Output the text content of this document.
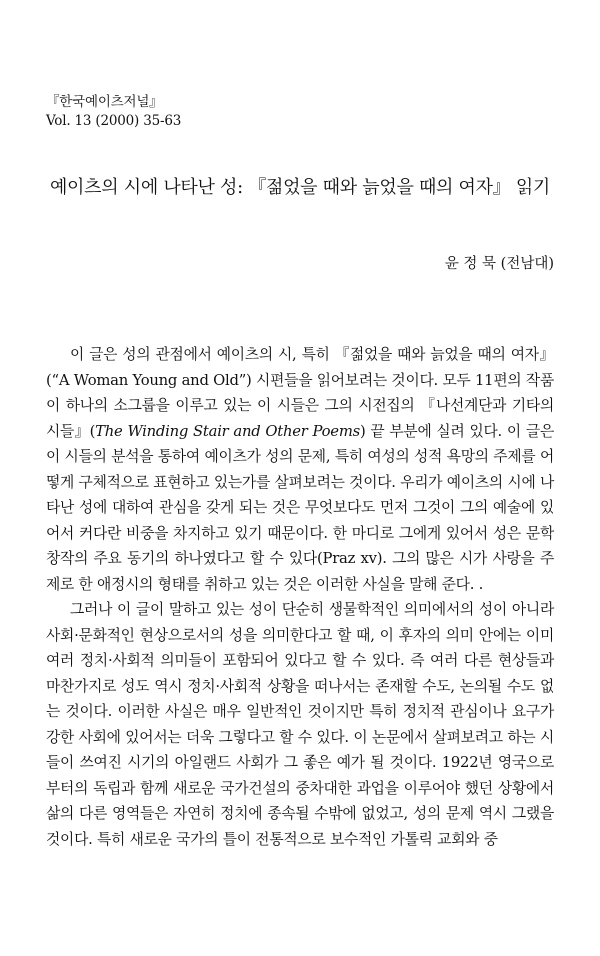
『한국예이츠저널』
Vol. 13 (2000) 35-63
예이츠의 시에 나타난 성: 『젊었을 때와 늙었을 때의 여자』 읽기
윤 정 묵 (전남대)

이 글은 성의 관점에서 예이츠의 시, 특히 『젊었을 때와 늙었을 때의 여자』(“A Woman Young and Old”) 시편들을 읽어보려는 것이다. 모두 11편의 작품이 하나의 소그룹을 이루고 있는 이 시들은 그의 시전집의 『나선계단과 기타의 시들』(The Winding Stair and Other Poems) 끝 부분에 실려 있다. 이 글은 이 시들의 분석을 통하여 예이츠가 성의 문제, 특히 여성의 성적 욕망의 주제를 어떻게 구체적으로 표현하고 있는가를 살펴보려는 것이다. 우리가 예이츠의 시에 나타난 성에 대하여 관심을 갖게 되는 것은 무엇보다도 먼저 그것이 그의 예술에 있어서 커다란 비중을 차지하고 있기 때문이다. 한 마디로 그에게 있어서 성은 문학창작의 주요 동기의 하나였다고 할 수 있다(Praz xv). 그의 많은 시가 사랑을 주제로 한 애정시의 형태를 취하고 있는 것은 이러한 사실을 말해 준다. .

그러나 이 글이 말하고 있는 성이 단순히 생물학적인 의미에서의 성이 아니라 사회·문화적인 현상으로서의 성을 의미한다고 할 때, 이 후자의 의미 안에는 이미 여러 정치·사회적 의미들이 포함되어 있다고 할 수 있다. 즉 여러 다른 현상들과 마찬가지로 성도 역시 정치·사회적 상황을 떠나서는 존재할 수도, 논의될 수도 없는 것이다. 이러한 사실은 매우 일반적인 것이지만 특히 정치적 관심이나 요구가 강한 사회에 있어서는 더욱 그렇다고 할 수 있다. 이 논문에서 살펴보려고 하는 시들이 쓰여진 시기의 아일랜드 사회가 그 좋은 예가 될 것이다. 1922년 영국으로부터의 독립과 함께 새로운 국가건설의 중차대한 과업을 이루어야 했던 상황에서 삶의 다른 영역들은 자연히 정치에 종속될 수밖에 없었고, 성의 문제 역시 그랬을 것이다. 특히 새로운 국가의 틀이 전통적으로 보수적인 가톨릭 교회와 중
